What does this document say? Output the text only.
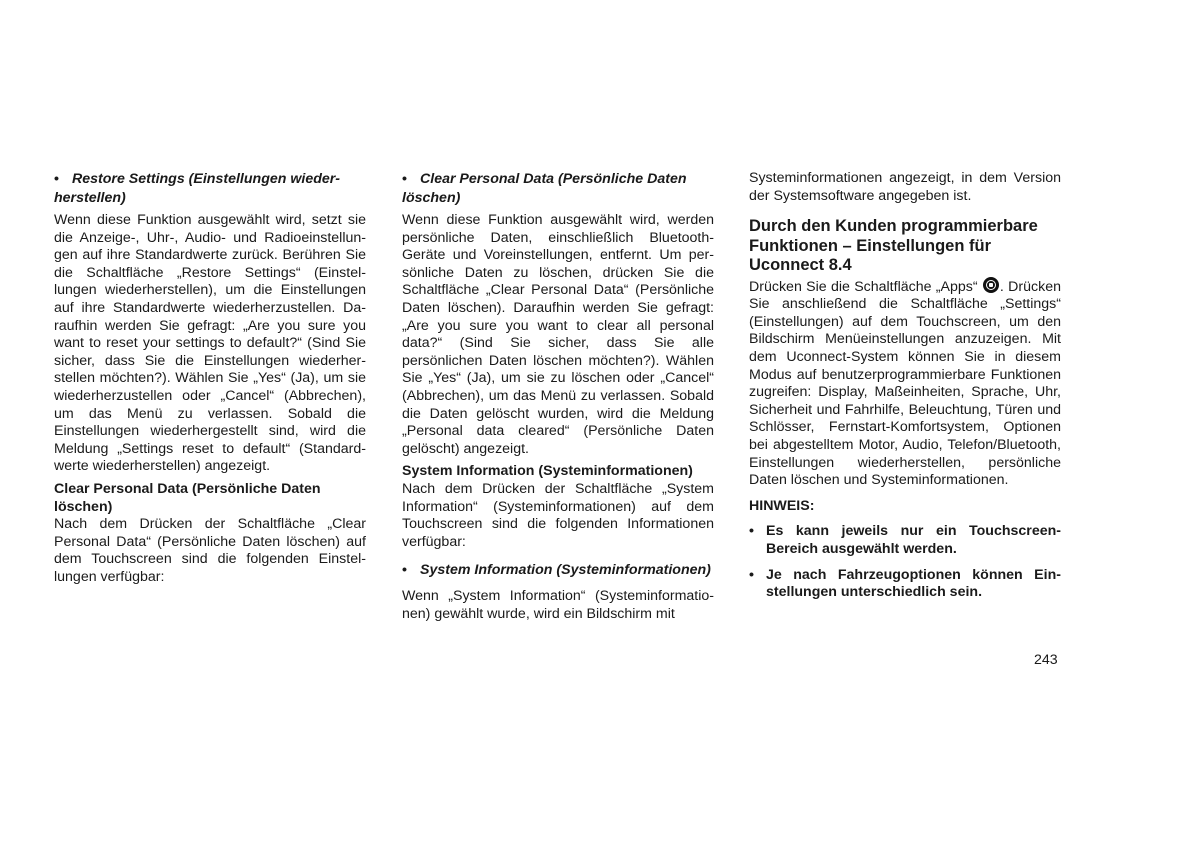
• Restore Settings (Einstellungen wieder-herstellen)

Wenn diese Funktion ausgewählt wird, setzt sie die Anzeige-, Uhr-, Audio- und Radioeinstellungen auf ihre Standardwerte zurück. Berühren Sie die Schaltfläche „Restore Settings“ (Einstellungen wiederherstellen), um die Einstellungen auf ihre Standardwerte wiederherzustellen. Daraufhin werden Sie gefragt: „Are you sure you want to reset your settings to default?“ (Sind Sie sicher, dass Sie die Einstellungen wiederherstellen möchten?). Wählen Sie „Yes“ (Ja), um sie wiederherzustellen oder „Cancel“ (Abbrechen), um das Menü zu verlassen. Sobald die Einstellungen wiederhergestellt sind, wird die Meldung „Settings reset to default“ (Standardwerte wiederherstellen) angezeigt.

Clear Personal Data (Persönliche Daten löschen)

Nach dem Drücken der Schaltfläche „Clear Personal Data“ (Persönliche Daten löschen) auf dem Touchscreen sind die folgenden Einstellungen verfügbar:

• Clear Personal Data (Persönliche Daten löschen)

Wenn diese Funktion ausgewählt wird, werden persönliche Daten, einschließlich Bluetooth-Geräte und Voreinstellungen, entfernt. Um persönliche Daten zu löschen, drücken Sie die Schaltfläche „Clear Personal Data“ (Persönliche Daten löschen). Daraufhin werden Sie gefragt: „Are you sure you want to clear all personal data?“ (Sind Sie sicher, dass Sie alle persönlichen Daten löschen möchten?). Wählen Sie „Yes“ (Ja), um sie zu löschen oder „Cancel“ (Abbrechen), um das Menü zu verlassen. Sobald die Daten gelöscht wurden, wird die Meldung „Personal data cleared“ (Persönliche Daten gelöscht) angezeigt.

System Information (Systeminformationen)

Nach dem Drücken der Schaltfläche „System Information“ (Systeminformationen) auf dem Touchscreen sind die folgenden Informationen verfügbar:

• System Information (Systeminformationen)

Wenn „System Information“ (Systeminformationen) gewählt wurde, wird ein Bildschirm mit

Systeminformationen angezeigt, in dem Version der Systemsoftware angegeben ist.

Durch den Kunden programmierbare Funktionen – Einstellungen für Uconnect 8.4

Drücken Sie die Schaltfläche „Apps“ . Drücken Sie anschließend die Schaltfläche „Settings“ (Einstellungen) auf dem Touchscreen, um den Bildschirm Menüeinstellungen anzuzeigen. Mit dem Uconnect-System können Sie in diesem Modus auf benutzerprogrammierbare Funktionen zugreifen: Display, Maßeinheiten, Sprache, Uhr, Sicherheit und Fahrhilfe, Beleuchtung, Türen und Schlösser, Fernstart-Komfortsystem, Optionen bei abgestelltem Motor, Audio, Telefon/Bluetooth, Einstellungen wiederherstellen, persönliche Daten löschen und Systeminformationen.

HINWEIS:
• Es kann jeweils nur ein Touchscreen-Bereich ausgewählt werden.
• Je nach Fahrzeugoptionen können Einstellungen unterschiedlich sein.
243
